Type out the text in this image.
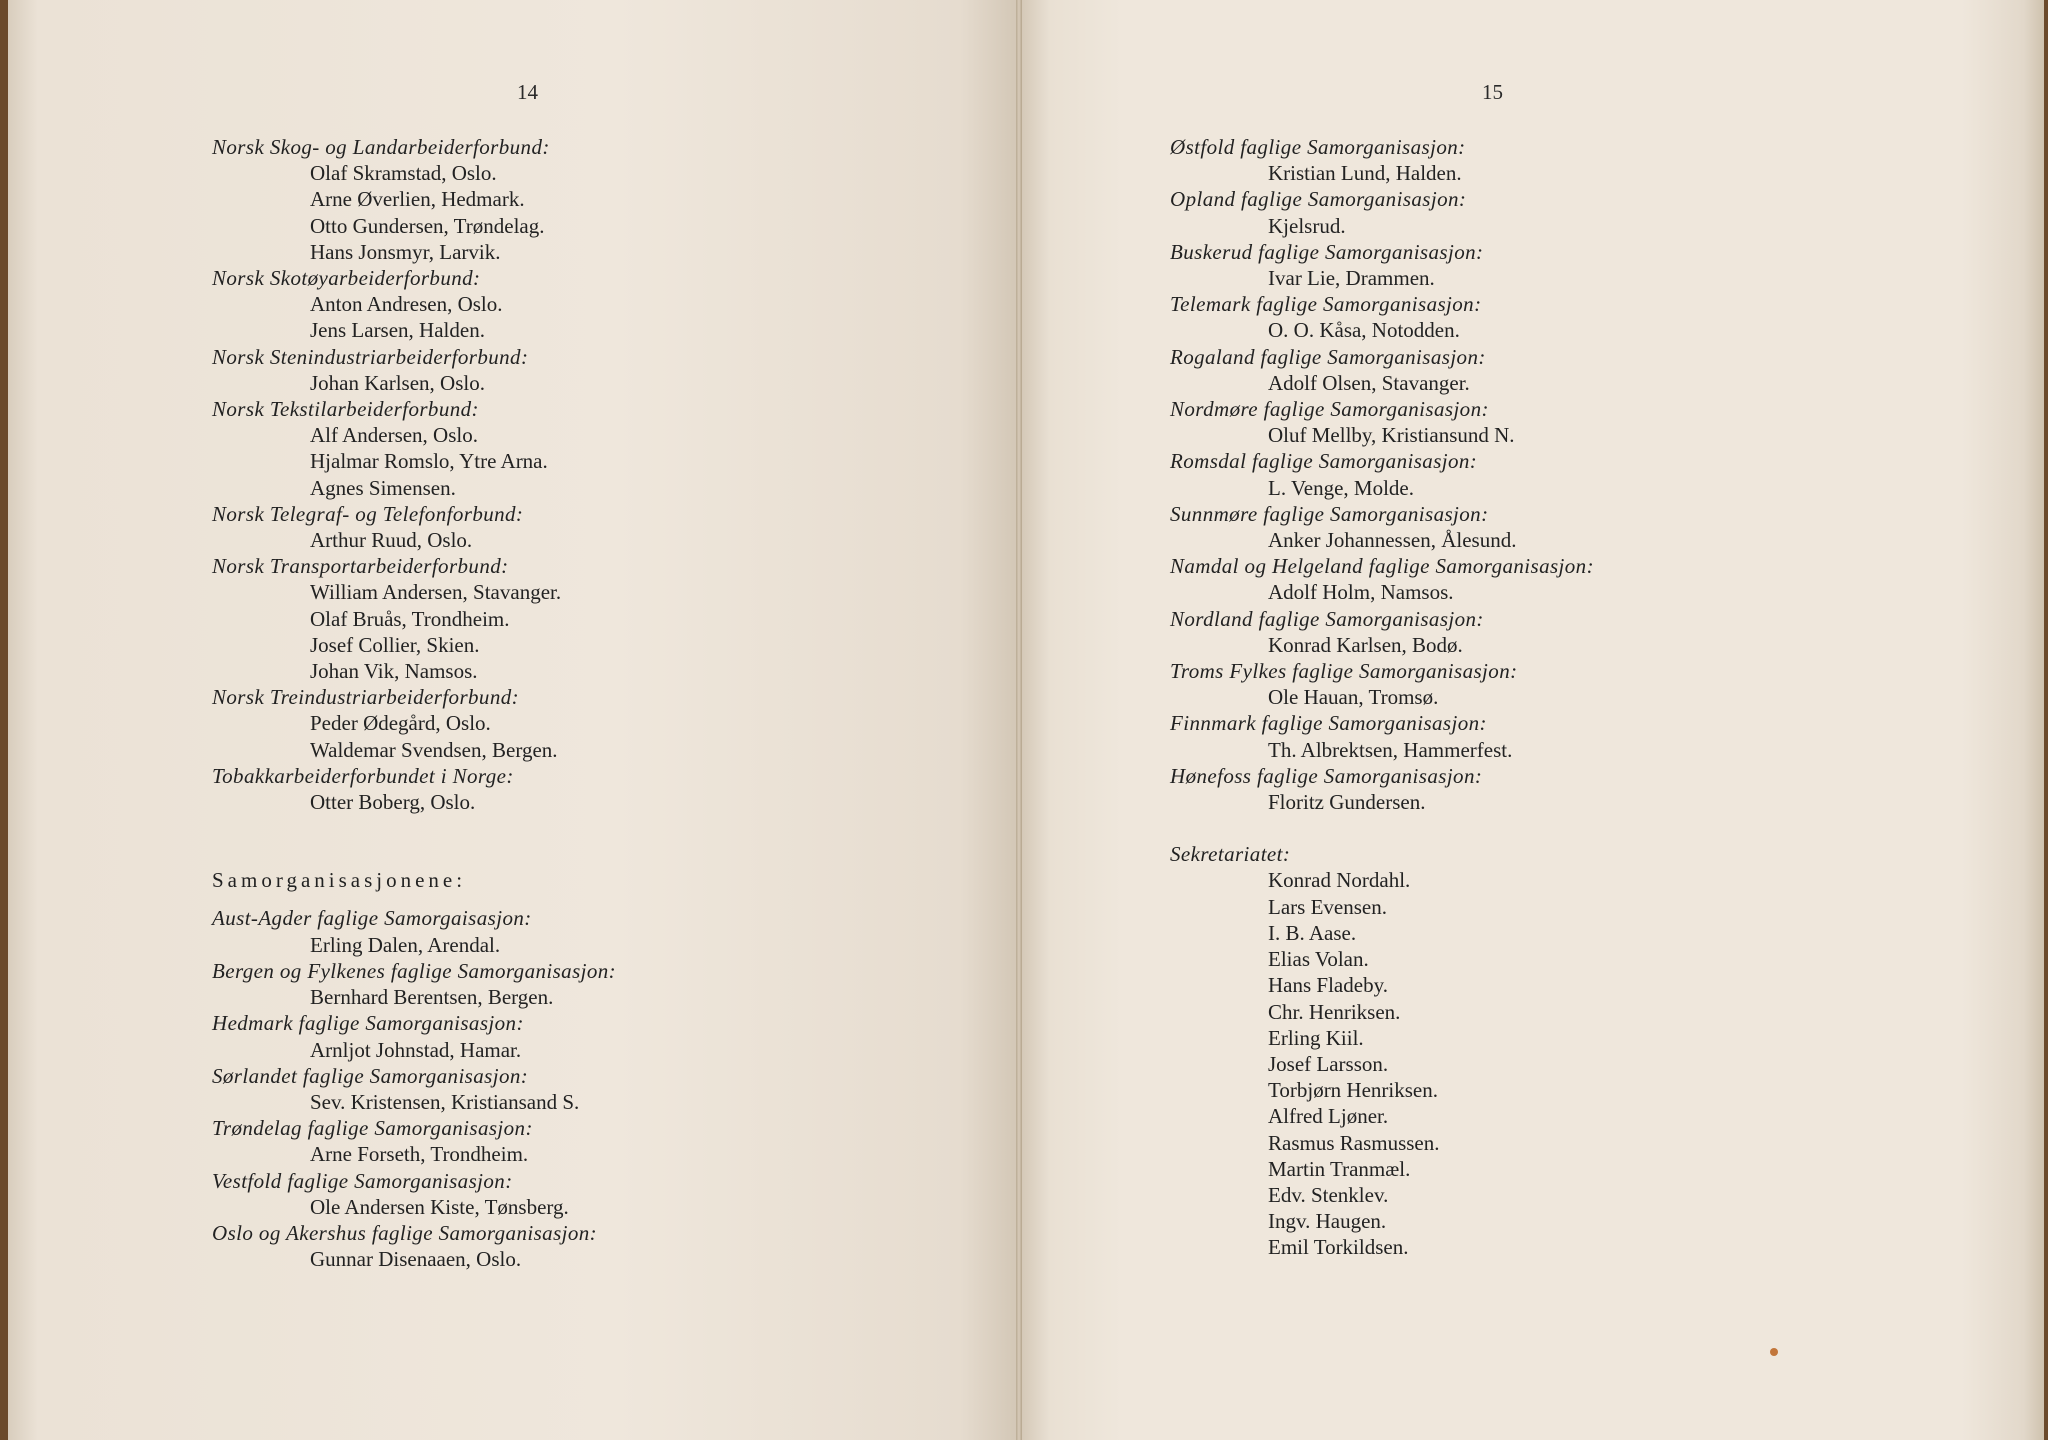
14	15
Norsk Skog- og Landarbeiderforbund:
Olaf Skramstad, Oslo.
Arne Øverlien, Hedmark.
Otto Gundersen, Trøndelag.
Hans Jonsmyr, Larvik.
Norsk Skotøyarbeiderforbund:
Anton Andresen, Oslo.
Jens Larsen, Halden.
Norsk Stenindustriarbeiderforbund:
Johan Karlsen, Oslo.
Norsk Tekstilarbeiderforbund:
Alf Andersen, Oslo.
Hjalmar Romslo, Ytre Arna.
Agnes Simensen.
Norsk Telegraf- og Telefonforbund:
Arthur Ruud, Oslo.
Norsk Transportarbeiderforbund:
William Andersen, Stavanger.
Olaf Bruås, Trondheim.
Josef Collier, Skien.
Johan Vik, Namsos.
Norsk Treindustriarbeiderforbund:
Peder Ødegård, Oslo.
Waldemar Svendsen, Bergen.
Tobakkarbeiderforbundet i Norge:
Otter Boberg, Oslo.
Samorganisasjonene:
Aust-Agder faglige Samorgaisasjon:
Erling Dalen, Arendal.
Bergen og Fylkenes faglige Samorganisasjon:
Bernhard Berentsen, Bergen.
Hedmark faglige Samorganisasjon:
Arnljot Johnstad, Hamar.
Sørlandet faglige Samorganisasjon:
Sev. Kristensen, Kristiansand S.
Trøndelag faglige Samorganisasjon:
Arne Forseth, Trondheim.
Vestfold faglige Samorganisasjon:
Ole Andersen Kiste, Tønsberg.
Oslo og Akershus faglige Samorganisasjon:
Gunnar Disenaaen, Oslo.
Østfold faglige Samorganisasjon:
Kristian Lund, Halden.
Opland faglige Samorganisasjon:
Kjelsrud.
Buskerud faglige Samorganisasjon:
Ivar Lie, Drammen.
Telemark faglige Samorganisasjon:
O. O. Kåsa, Notodden.
Rogaland faglige Samorganisasjon:
Adolf Olsen, Stavanger.
Nordmøre faglige Samorganisasjon:
Oluf Mellby, Kristiansund N.
Romsdal faglige Samorganisasjon:
L. Venge, Molde.
Sunnmøre faglige Samorganisasjon:
Anker Johannessen, Ålesund.
Namdal og Helgeland faglige Samorganisasjon:
Adolf Holm, Namsos.
Nordland faglige Samorganisasjon:
Konrad Karlsen, Bodø.
Troms Fylkes faglige Samorganisasjon:
Ole Hauan, Tromsø.
Finnmark faglige Samorganisasjon:
Th. Albrektsen, Hammerfest.
Hønefoss faglige Samorganisasjon:
Floritz Gundersen.
Sekretariatet:
Konrad Nordahl.
Lars Evensen.
I. B. Aase.
Elias Volan.
Hans Fladeby.
Chr. Henriksen.
Erling Kiil.
Josef Larsson.
Torbjørn Henriksen.
Alfred Ljøner.
Rasmus Rasmussen.
Martin Tranmæl.
Edv. Stenklev.
Ingv. Haugen.
Emil Torkildsen.
